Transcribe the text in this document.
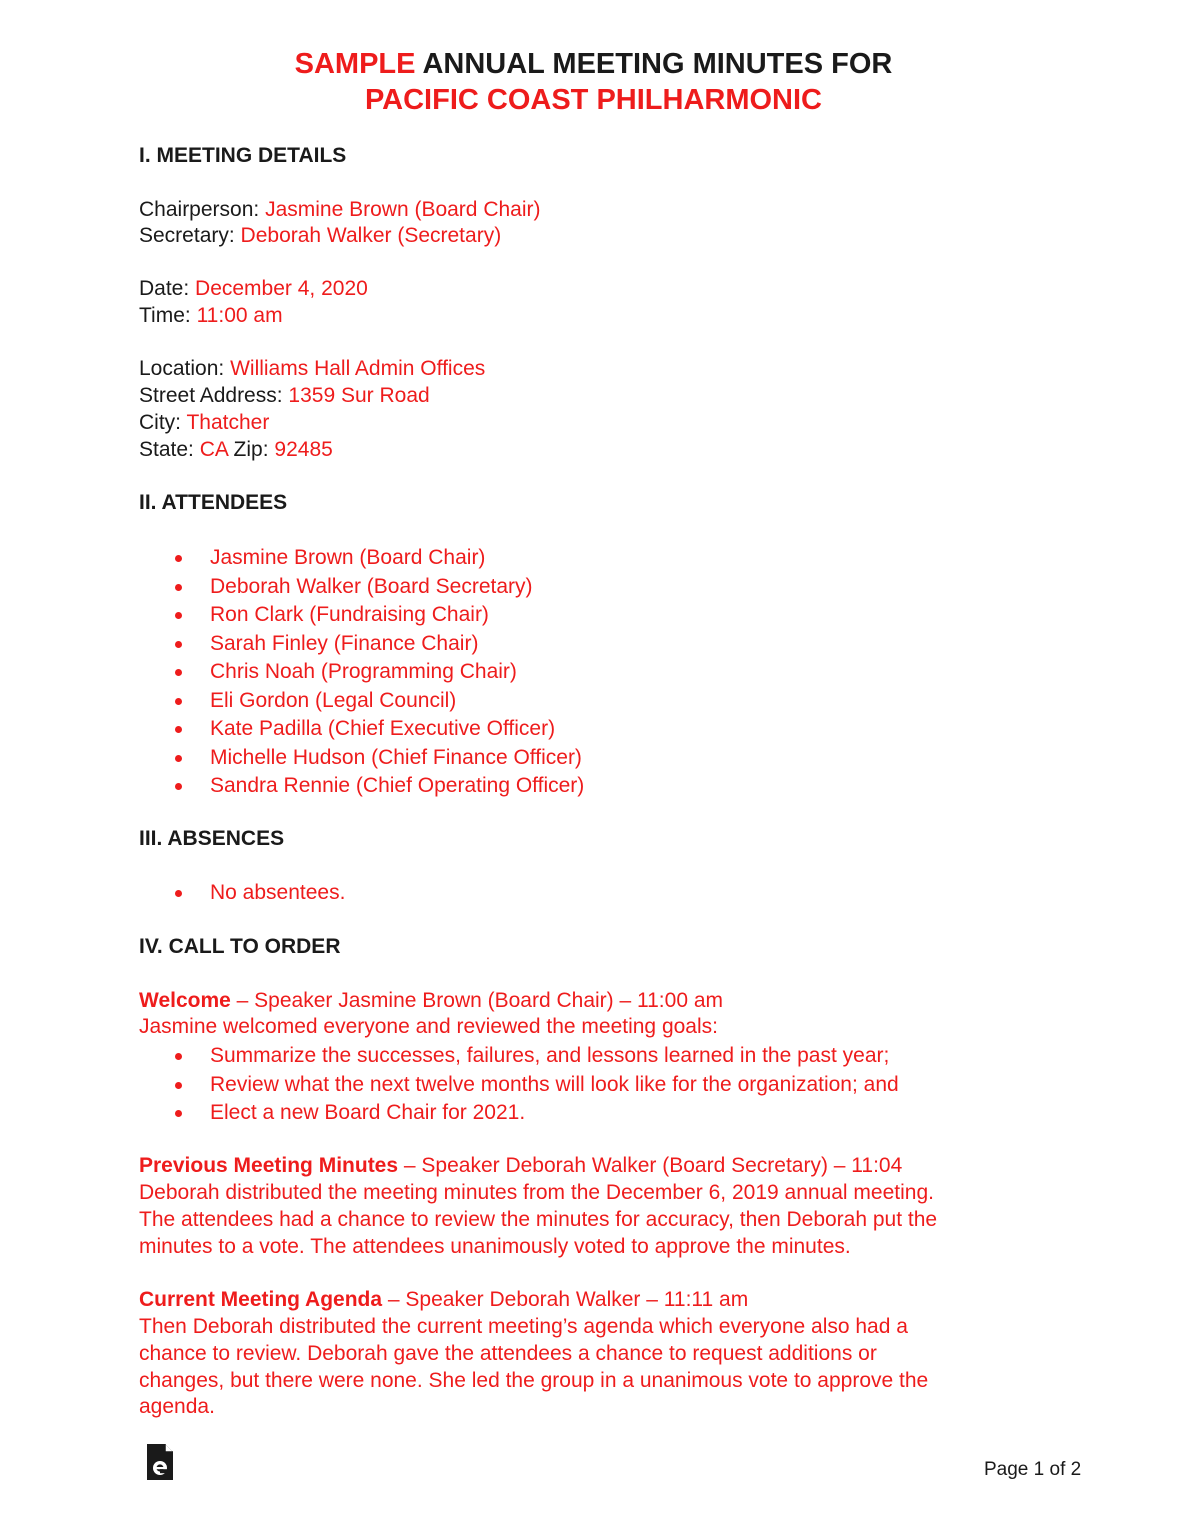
SAMPLE ANNUAL MEETING MINUTES FOR
PACIFIC COAST PHILHARMONIC
I. MEETING DETAILS
Chairperson: Jasmine Brown (Board Chair)
Secretary: Deborah Walker (Secretary)
Date: December 4, 2020
Time: 11:00 am
Location: Williams Hall Admin Offices
Street Address: 1359 Sur Road
City: Thatcher
State: CA Zip: 92485
II. ATTENDEES
Jasmine Brown (Board Chair)
Deborah Walker (Board Secretary)
Ron Clark (Fundraising Chair)
Sarah Finley (Finance Chair)
Chris Noah (Programming Chair)
Eli Gordon (Legal Council)
Kate Padilla (Chief Executive Officer)
Michelle Hudson (Chief Finance Officer)
Sandra Rennie (Chief Operating Officer)
III. ABSENCES
No absentees.
IV. CALL TO ORDER
Welcome – Speaker Jasmine Brown (Board Chair) – 11:00 am
Jasmine welcomed everyone and reviewed the meeting goals:
Summarize the successes, failures, and lessons learned in the past year;
Review what the next twelve months will look like for the organization; and
Elect a new Board Chair for 2021.
Previous Meeting Minutes – Speaker Deborah Walker (Board Secretary) – 11:04
Deborah distributed the meeting minutes from the December 6, 2019 annual meeting.
The attendees had a chance to review the minutes for accuracy, then Deborah put the
minutes to a vote. The attendees unanimously voted to approve the minutes.
Current Meeting Agenda – Speaker Deborah Walker – 11:11 am
Then Deborah distributed the current meeting’s agenda which everyone also had a
chance to review. Deborah gave the attendees a chance to request additions or
changes, but there were none. She led the group in a unanimous vote to approve the
agenda.
Page 1 of 2
